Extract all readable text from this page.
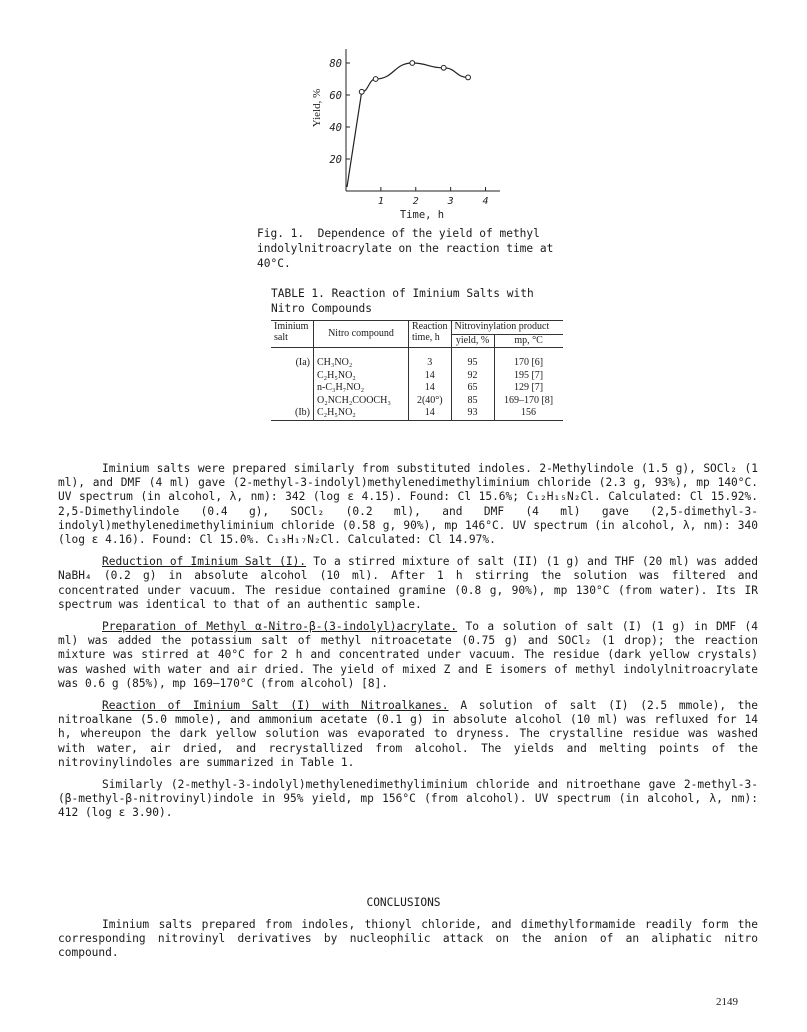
20
40
60
80
1	2	3	4
Yield, %
Time, h
Fig. 1.  Dependence of the yield of methyl indolylnitroacrylate on the reaction time at 40°C.
TABLE 1. Reaction of Iminium Salts with Nitro Compounds
Iminium salt	Nitro compound	Reaction time, h	Nitrovinylation product	
			yield, %	mp, °C
(Ia)	CH₃NO₂	3	95	170 [6]
	C₂H₅NO₂	14	92	195 [7]
	n-C₃H₇NO₂	14	65	129 [7]
	O₂NCH₂COOCH₃	2(40°)	85	169–170 [8]
(Ib)	C₂H₅NO₂	14	93	156

Iminium salts were prepared similarly from substituted indoles. 2-Methylindole (1.5 g), SOCl₂ (1 ml), and DMF (4 ml) gave (2-methyl-3-indolyl)methylenedimethyliminium chloride (2.3 g, 93%), mp 140°C. UV spectrum (in alcohol, λ, nm): 342 (log ε 4.15). Found: Cl 15.6%; C₁₂H₁₅N₂Cl. Calculated: Cl 15.92%. 2,5-Dimethylindole (0.4 g), SOCl₂ (0.2 ml), and DMF (4 ml) gave (2,5-dimethyl-3-indolyl)methylenedimethyliminium chloride (0.58 g, 90%), mp 146°C. UV spectrum (in alcohol, λ, nm): 340 (log ε 4.16). Found: Cl 15.0%. C₁₃H₁₇N₂Cl. Calculated: Cl 14.97%.

Reduction of Iminium Salt (I). To a stirred mixture of salt (II) (1 g) and THF (20 ml) was added NaBH₄ (0.2 g) in absolute alcohol (10 ml). After 1 h stirring the solution was filtered and concentrated under vacuum. The residue contained gramine (0.8 g, 90%), mp 130°C (from water). Its IR spectrum was identical to that of an authentic sample.

Preparation of Methyl α-Nitro-β-(3-indolyl)acrylate. To a solution of salt (I) (1 g) in DMF (4 ml) was added the potassium salt of methyl nitroacetate (0.75 g) and SOCl₂ (1 drop); the reaction mixture was stirred at 40°C for 2 h and concentrated under vacuum. The residue (dark yellow crystals) was washed with water and air dried. The yield of mixed Z and E isomers of methyl indolylnitroacrylate was 0.6 g (85%), mp 169–170°C (from alcohol) [8].

Reaction of Iminium Salt (I) with Nitroalkanes. A solution of salt (I) (2.5 mmole), the nitroalkane (5.0 mmole), and ammonium acetate (0.1 g) in absolute alcohol (10 ml) was refluxed for 14 h, whereupon the dark yellow solution was evaporated to dryness. The crystalline residue was washed with water, air dried, and recrystallized from alcohol. The yields and melting points of the nitrovinylindoles are summarized in Table 1.

Similarly (2-methyl-3-indolyl)methylenedimethyliminium chloride and nitroethane gave 2-methyl-3-(β-methyl-β-nitrovinyl)indole in 95% yield, mp 156°C (from alcohol). UV spectrum (in alcohol, λ, nm): 412 (log ε 3.90).

CONCLUSIONS

Iminium salts prepared from indoles, thionyl chloride, and dimethylformamide readily form the corresponding nitrovinyl derivatives by nucleophilic attack on the anion of an aliphatic nitro compound.

2149
